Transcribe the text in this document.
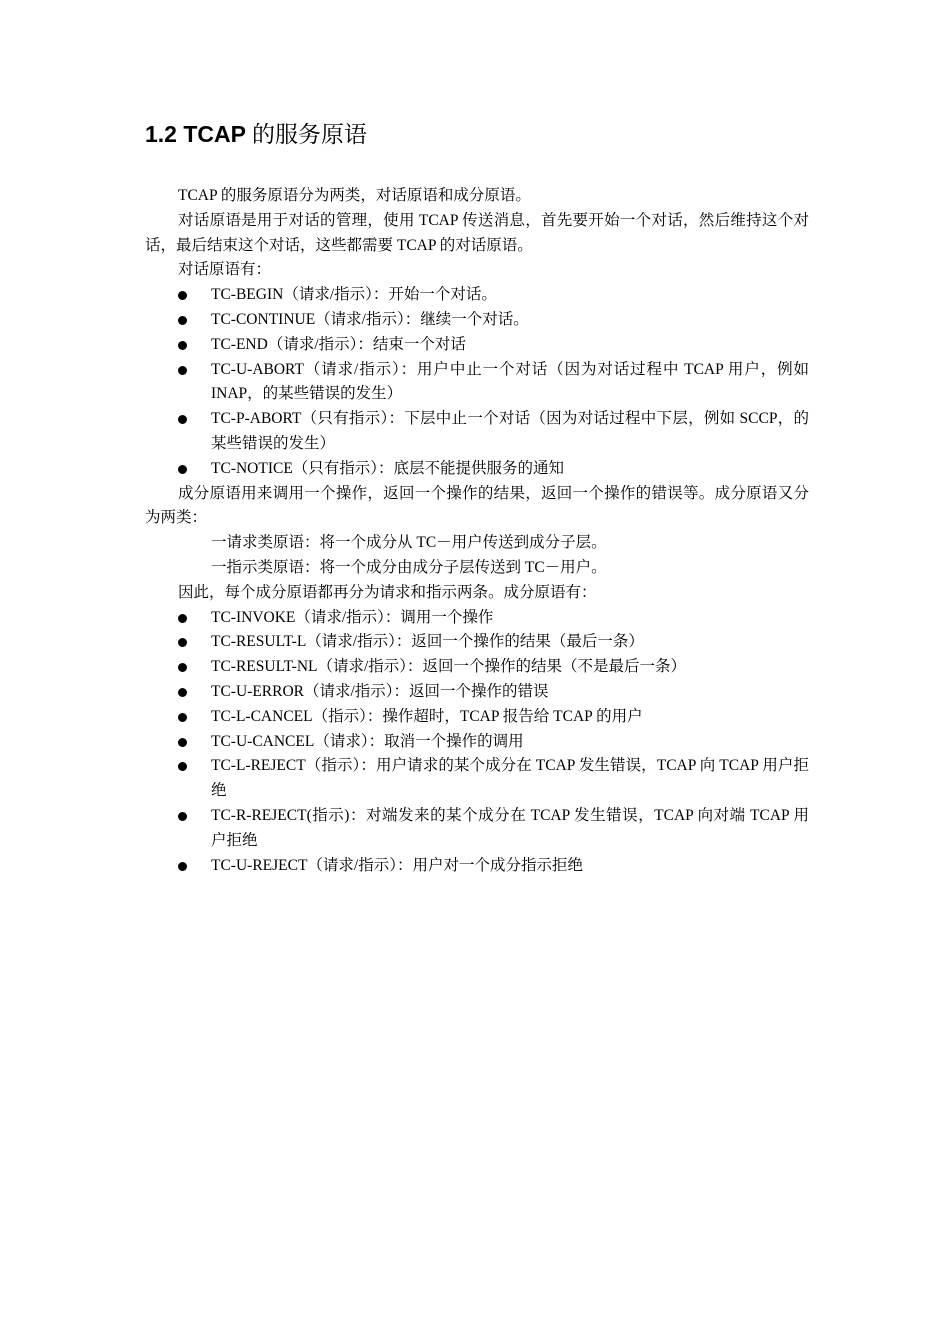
1.2 TCAP 的服务原语

TCAP 的服务原语分为两类，对话原语和成分原语。

对话原语是用于对话的管理，使用 TCAP 传送消息，首先要开始一个对话，然后维持这个对话，最后结束这个对话，这些都需要 TCAP 的对话原语。

对话原语有：

TC-BEGIN（请求/指示）：开始一个对话。

TC-CONTINUE（请求/指示）：继续一个对话。

TC-END（请求/指示）：结束一个对话

TC-U-ABORT（请求/指示）：用户中止一个对话（因为对话过程中 TCAP 用户，例如 INAP，的某些错误的发生）

TC-P-ABORT（只有指示）：下层中止一个对话（因为对话过程中下层，例如 SCCP，的某些错误的发生）

TC-NOTICE（只有指示）：底层不能提供服务的通知

成分原语用来调用一个操作，返回一个操作的结果，返回一个操作的错误等。成分原语又分为两类：

一请求类原语：将一个成分从 TC－用户传送到成分子层。

一指示类原语：将一个成分由成分子层传送到 TC－用户。

因此，每个成分原语都再分为请求和指示两条。成分原语有：

TC-INVOKE（请求/指示）：调用一个操作

TC-RESULT-L（请求/指示）：返回一个操作的结果（最后一条）

TC-RESULT-NL（请求/指示）：返回一个操作的结果（不是最后一条）

TC-U-ERROR（请求/指示）：返回一个操作的错误

TC-L-CANCEL（指示）：操作超时，TCAP 报告给 TCAP 的用户

TC-U-CANCEL（请求）：取消一个操作的调用

TC-L-REJECT（指示）：用户请求的某个成分在 TCAP 发生错误，TCAP 向 TCAP 用户拒绝

TC-R-REJECT(指示)：对端发来的某个成分在 TCAP 发生错误，TCAP 向对端 TCAP 用户拒绝

TC-U-REJECT（请求/指示）：用户对一个成分指示拒绝
